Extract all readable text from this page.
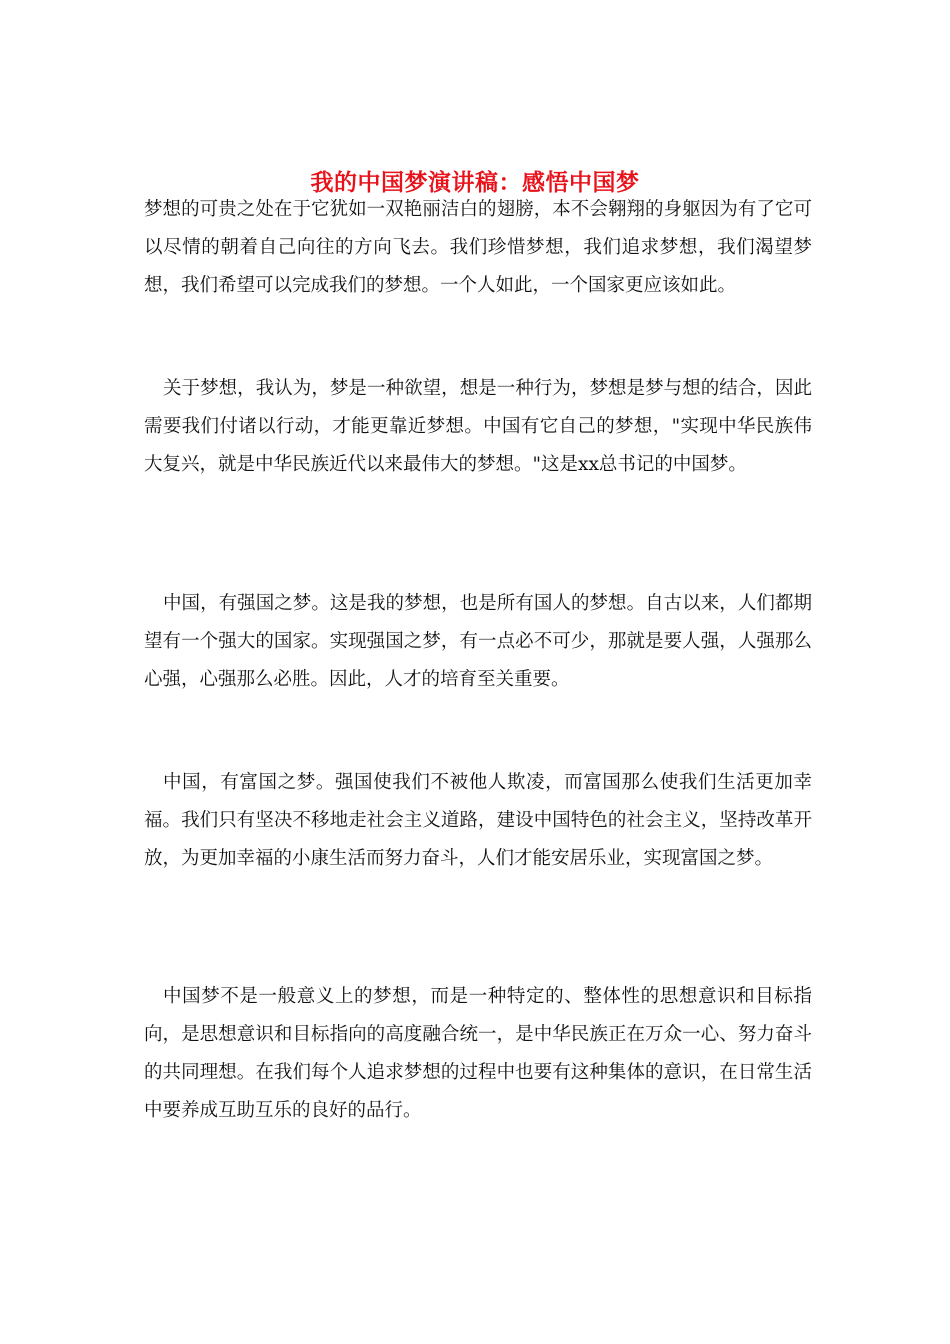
我的中国梦演讲稿：感悟中国梦

梦想的可贵之处在于它犹如一双艳丽洁白的翅膀，本不会翱翔的身躯因为有了它可以尽情的朝着自己向往的方向飞去。我们珍惜梦想，我们追求梦想，我们渴望梦想，我们希望可以完成我们的梦想。一个人如此，一个国家更应该如此。

关于梦想，我认为，梦是一种欲望，想是一种行为，梦想是梦与想的结合，因此需要我们付诸以行动，才能更靠近梦想。中国有它自己的梦想，"实现中华民族伟大复兴，就是中华民族近代以来最伟大的梦想。"这是xx总书记的中国梦。

中国，有强国之梦。这是我的梦想，也是所有国人的梦想。自古以来，人们都期望有一个强大的国家。实现强国之梦，有一点必不可少，那就是要人强，人强那么心强，心强那么必胜。因此，人才的培育至关重要。

中国，有富国之梦。强国使我们不被他人欺凌，而富国那么使我们生活更加幸福。我们只有坚决不移地走社会主义道路，建设中国特色的社会主义，坚持改革开放，为更加幸福的小康生活而努力奋斗，人们才能安居乐业，实现富国之梦。

中国梦不是一般意义上的梦想，而是一种特定的、整体性的思想意识和目标指向，是思想意识和目标指向的高度融合统一，是中华民族正在万众一心、努力奋斗的共同理想。在我们每个人追求梦想的过程中也要有这种集体的意识，在日常生活中要养成互助互乐的良好的品行。
